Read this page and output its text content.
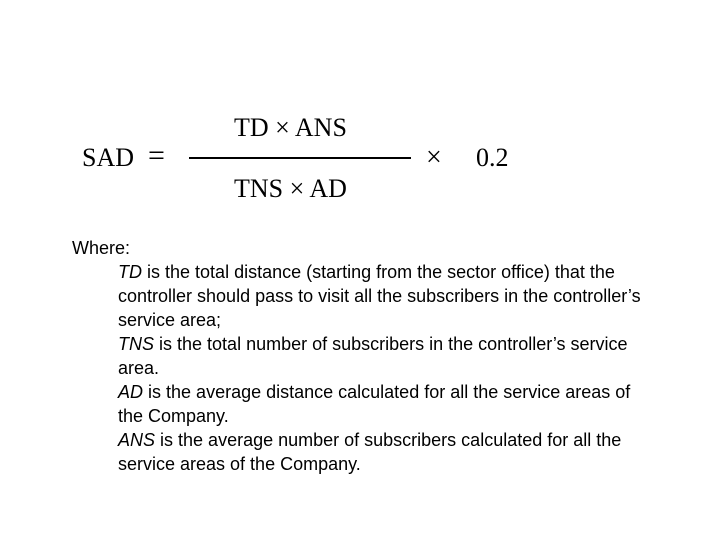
SAD =
TD × ANS
TNS × AD
× 0.2

Where:

TD is the total distance (starting from the sector office) that the controller should pass to visit all the subscribers in the controller’s service area;

TNS is the total number of subscribers in the controller’s service area.

AD is the average distance calculated for all the service areas of the Company.

ANS is the average number of subscribers calculated for all the service areas of the Company.
